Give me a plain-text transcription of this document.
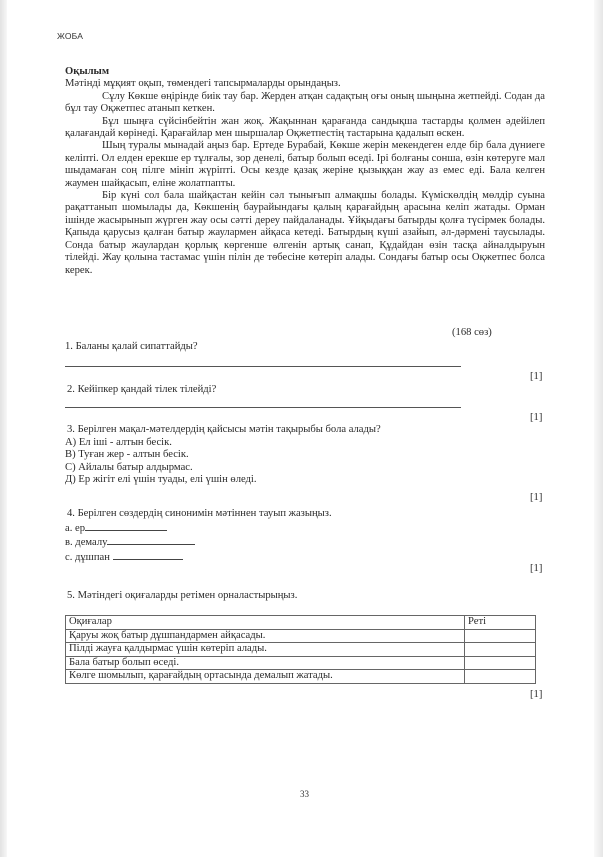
ЖОБА

Оқылым

Мәтінді мұқият оқып, төмендегі тапсырмаларды орындаңыз.

Сұлу Көкше өңірінде биік тау бар. Жерден атқан садақтың оғы оның шыңына жетпейді. Содан да бұл тау Оқжетпес атанып кеткен.

Бұл шыңға сүйсінбейтін жан жоқ. Жақыннан қарағанда сандықша тастарды қолмен әдейілеп қалағандай көрінеді. Қарағайлар мен шыршалар Оқжетпестің тастарына қадалып өскен.

Шың туралы мынадай аңыз бар. Ертеде Бурабай, Көкше жерін мекендеген елде бір бала дүниеге келіпті. Ол елден ерекше ер тұлғалы, зор денелі, батыр болып өседі. Ірі болғаны сонша, өзін көтеруге мал шыдамаған соң пілге мініп жүріпті. Осы кезде қазақ жеріне қызыққан жау аз емес еді. Бала келген жаумен шайқасып, еліне жолатпапты.

Бір күні сол бала шайқастан кейін сәл тынығып алмақшы болады. Күміскөлдің мөлдір суына рақаттанып шомылады да, Көкшенің баурайындағы қалың қарағайдың арасына келіп жатады. Орман ішінде жасырынып жүрген жау осы сәтті дереу пайдаланады. Ұйқыдағы батырды қолға түсірмек болады. Қапыда қарусыз қалған батыр жаулармен айқаса кетеді. Батырдың күші азайып, әл-дәрмені таусылады. Сонда батыр жаулардан қорлық көргенше өлгенін артық санап, Құдайдан өзін тасқа айналдыруын тілейді. Жау қолына тастамас үшін пілін де төбесіне көтеріп алады. Сондағы батыр осы Оқжетпес болса керек.

(168 сөз)
1. Баланы қалай сипаттайды?
[1]
2. Кейіпкер қандай тілек тілейді?
[1]
3. Берілген мақал-мәтелдердің қайсысы мәтін тақырыбы бола алады?
А) Ел іші - алтын бесік.
В) Туған жер - алтын бесік.
С) Айлалы батыр алдырмас.
Д) Ер жігіт елі үшін туады, елі үшін өледі.
[1]
4. Берілген сөздердің синонимін мәтіннен тауып жазыңыз.
а. ер
в. демалу
с. дұшпан
[1]
5. Мәтіндегі оқиғаларды ретімен орналастырыңыз.
Оқиғалар	Реті
Қаруы жоқ батыр дұшпандармен айқасады.	
Пілді жауға қалдырмас үшін көтеріп алады.	
Бала батыр болып өседі.	
Көлге шомылып, қарағайдың ортасында демалып жатады.	
[1]
33
